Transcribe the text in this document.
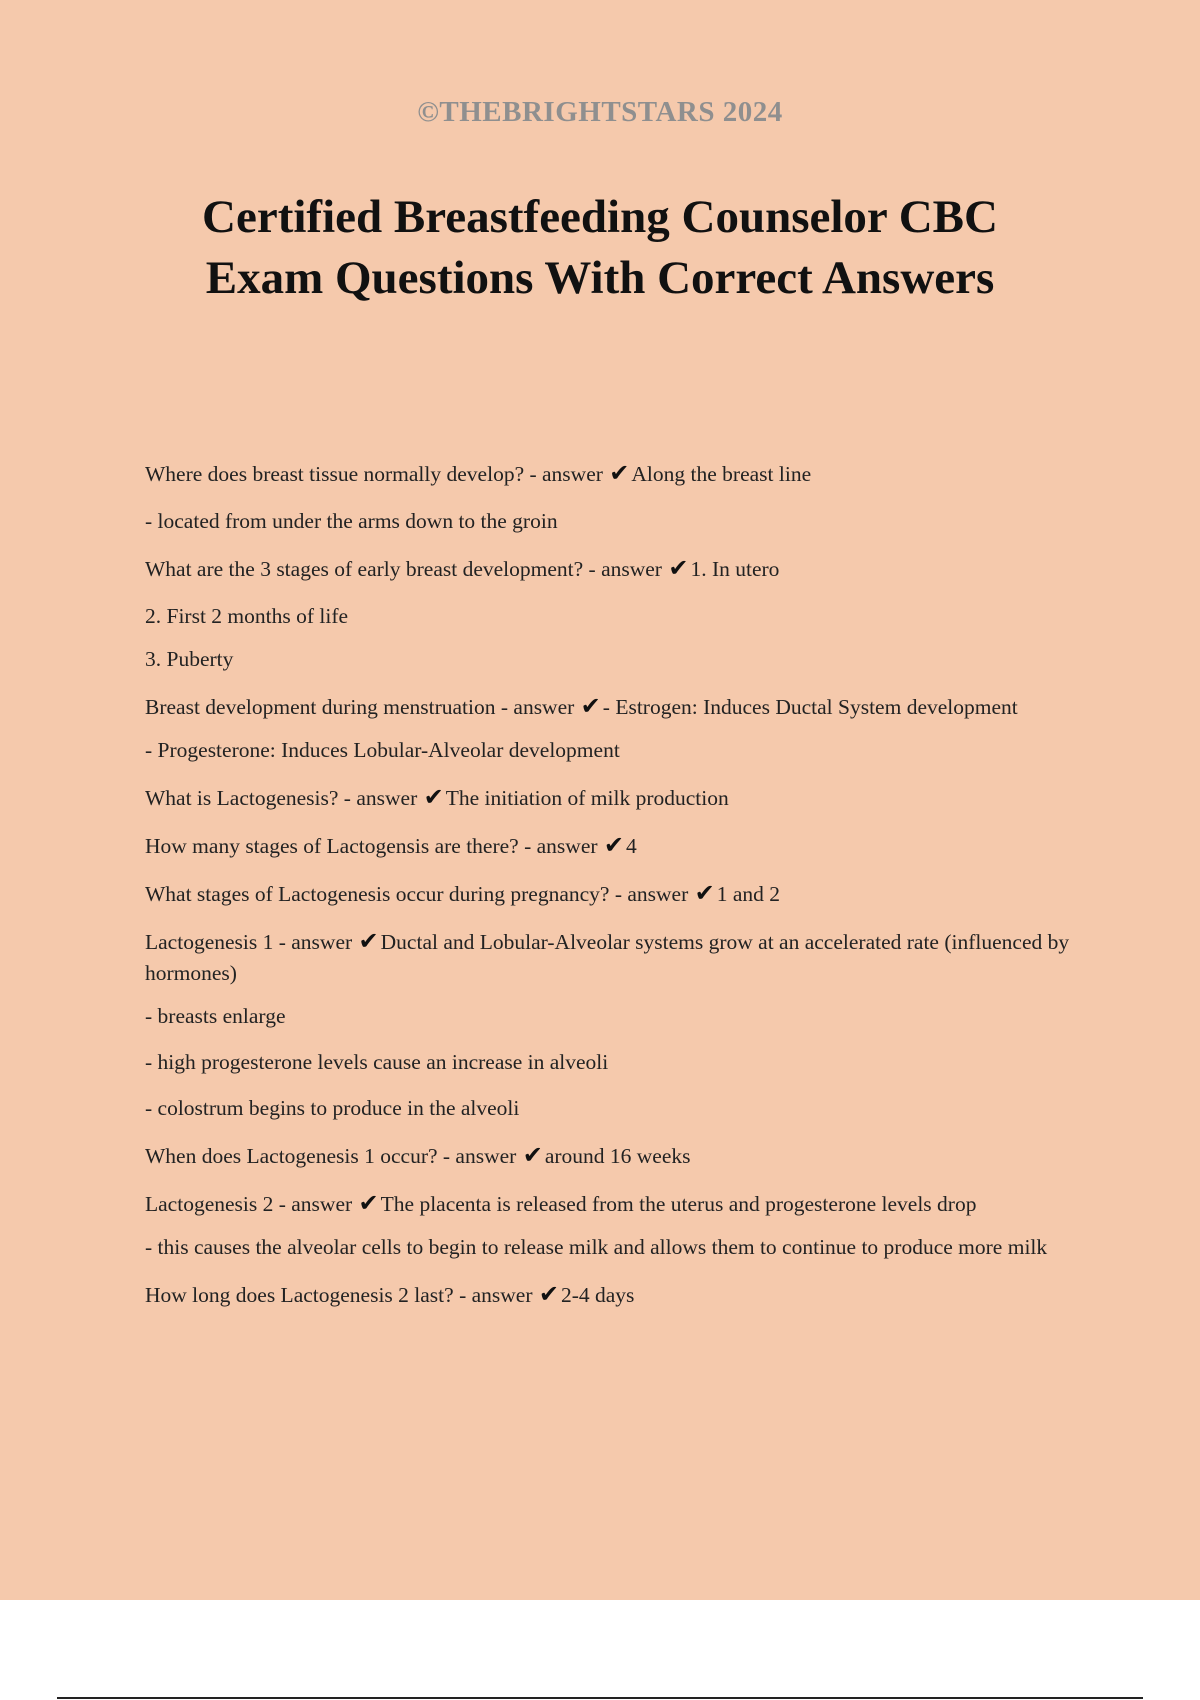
©THEBRIGHTSTARS 2024
Certified Breastfeeding Counselor CBC
Exam Questions With Correct Answers

Where does breast tissue normally develop? - answer ✔Along the breast line

- located from under the arms down to the groin

What are the 3 stages of early breast development? - answer ✔1. In utero

2. First 2 months of life

3. Puberty

Breast development during menstruation - answer ✔- Estrogen: Induces Ductal System development

- Progesterone: Induces Lobular-Alveolar development

What is Lactogenesis? - answer ✔The initiation of milk production

How many stages of Lactogensis are there? - answer ✔4

What stages of Lactogenesis occur during pregnancy? - answer ✔1 and 2

Lactogenesis 1 - answer ✔Ductal and Lobular-Alveolar systems grow at an accelerated rate (influenced by hormones)

- breasts enlarge

- high progesterone levels cause an increase in alveoli

- colostrum begins to produce in the alveoli

When does Lactogenesis 1 occur? - answer ✔around 16 weeks

Lactogenesis 2 - answer ✔The placenta is released from the uterus and progesterone levels drop

- this causes the alveolar cells to begin to release milk and allows them to continue to produce more milk

How long does Lactogenesis 2 last? - answer ✔2-4 days
